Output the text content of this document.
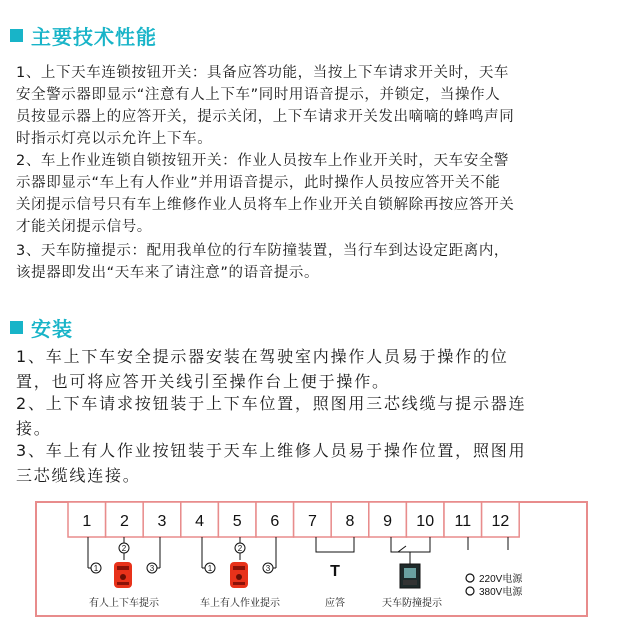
主要技术性能

1、上下天车连锁按钮开关：具备应答功能，当按上下车请求开关时，天车
安全警示器即显示“注意有人上下车”同时用语音提示，并锁定，当操作人
员按显示器上的应答开关，提示关闭，上下车请求开关发出嘀嘀的蜂鸣声同
时指示灯亮以示允许上下车。

2、车上作业连锁自锁按钮开关：作业人员按车上作业开关时，天车安全警
示器即显示“车上有人作业”并用语音提示，此时操作人员按应答开关不能
关闭提示信号只有车上维修作业人员将车上作业开关自锁解除再按应答开关
才能关闭提示信号。

3、天车防撞提示：配用我单位的行车防撞装置，当行车到达设定距离内，
该提器即发出“天车来了请注意”的语音提示。

安装

1、车上下车安全提示器安装在驾驶室内操作人员易于操作的位
置，也可将应答开关线引至操作台上便于操作。

2、上下车请求按钮装于上下车位置，照图用三芯线缆与提示器连
接。

3、车上有人作业按钮装于天车上维修人员易于操作位置，照图用
三芯缆线连接。

1 2 3 4 5 6 7 8 9 10 11 12
1
2
3	1
2
3	T	220V电源
380V电源
有人上下车提示	车上有人作业提示	应答	天车防撞提示
